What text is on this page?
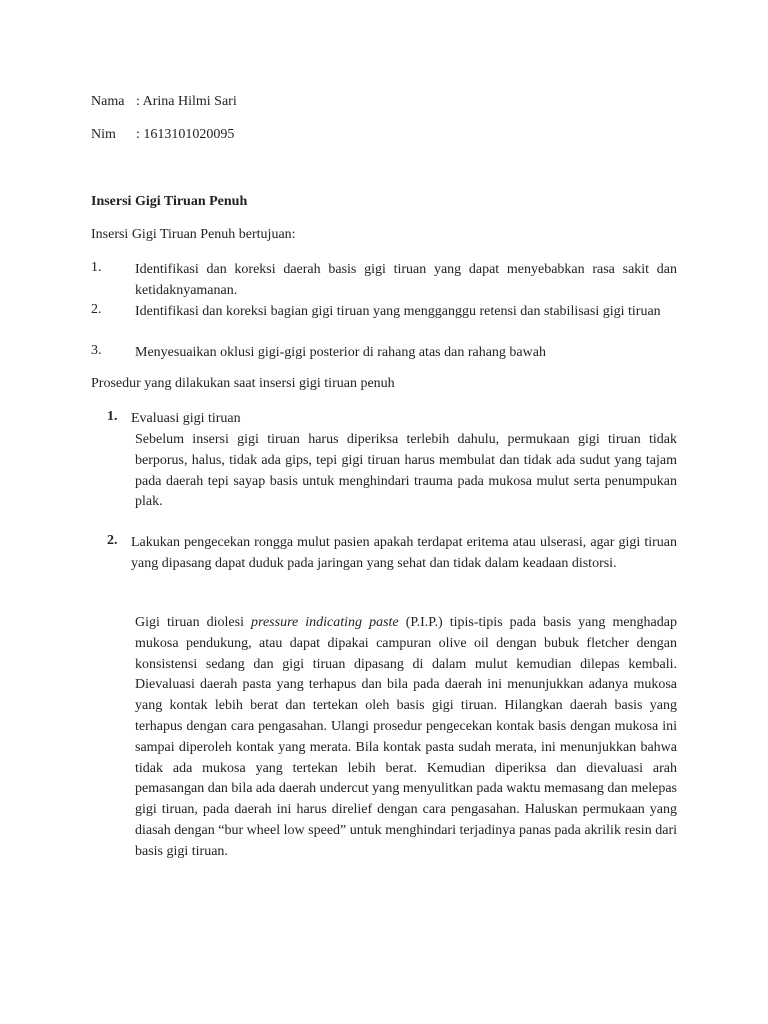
Nama : Arina Hilmi Sari
Nim : 1613101020095
Insersi Gigi Tiruan Penuh
Insersi Gigi Tiruan Penuh bertujuan:
1. Identifikasi dan koreksi daerah basis gigi tiruan yang dapat menyebabkan rasa sakit dan ketidaknyamanan.
2. Identifikasi dan koreksi bagian gigi tiruan yang mengganggu retensi dan stabilisasi gigi tiruan
3. Menyesuaikan oklusi gigi-gigi posterior di rahang atas dan rahang bawah
Prosedur yang dilakukan saat insersi gigi tiruan penuh
1. Evaluasi gigi tiruan
Sebelum insersi gigi tiruan harus diperiksa terlebih dahulu, permukaan gigi tiruan tidak berporus, halus, tidak ada gips, tepi gigi tiruan harus membulat dan tidak ada sudut yang tajam pada daerah tepi sayap basis untuk menghindari trauma pada mukosa mulut serta penumpukan plak.
2. Lakukan pengecekan rongga mulut pasien apakah terdapat eritema atau ulserasi, agar gigi tiruan yang dipasang dapat duduk pada jaringan yang sehat dan tidak dalam keadaan distorsi.
Gigi tiruan diolesi pressure indicating paste (P.I.P.) tipis-tipis pada basis yang menghadap mukosa pendukung, atau dapat dipakai campuran olive oil dengan bubuk fletcher dengan konsistensi sedang dan gigi tiruan dipasang di dalam mulut kemudian dilepas kembali. Dievaluasi daerah pasta yang terhapus dan bila pada daerah ini menunjukkan adanya mukosa yang kontak lebih berat dan tertekan oleh basis gigi tiruan. Hilangkan daerah basis yang terhapus dengan cara pengasahan. Ulangi prosedur pengecekan kontak basis dengan mukosa ini sampai diperoleh kontak yang merata. Bila kontak pasta sudah merata, ini menunjukkan bahwa tidak ada mukosa yang tertekan lebih berat. Kemudian diperiksa dan dievaluasi arah pemasangan dan bila ada daerah undercut yang menyulitkan pada waktu memasang dan melepas gigi tiruan, pada daerah ini harus direlief dengan cara pengasahan. Haluskan permukaan yang diasah dengan “bur wheel low speed” untuk menghindari terjadinya panas pada akrilik resin dari basis gigi tiruan.
